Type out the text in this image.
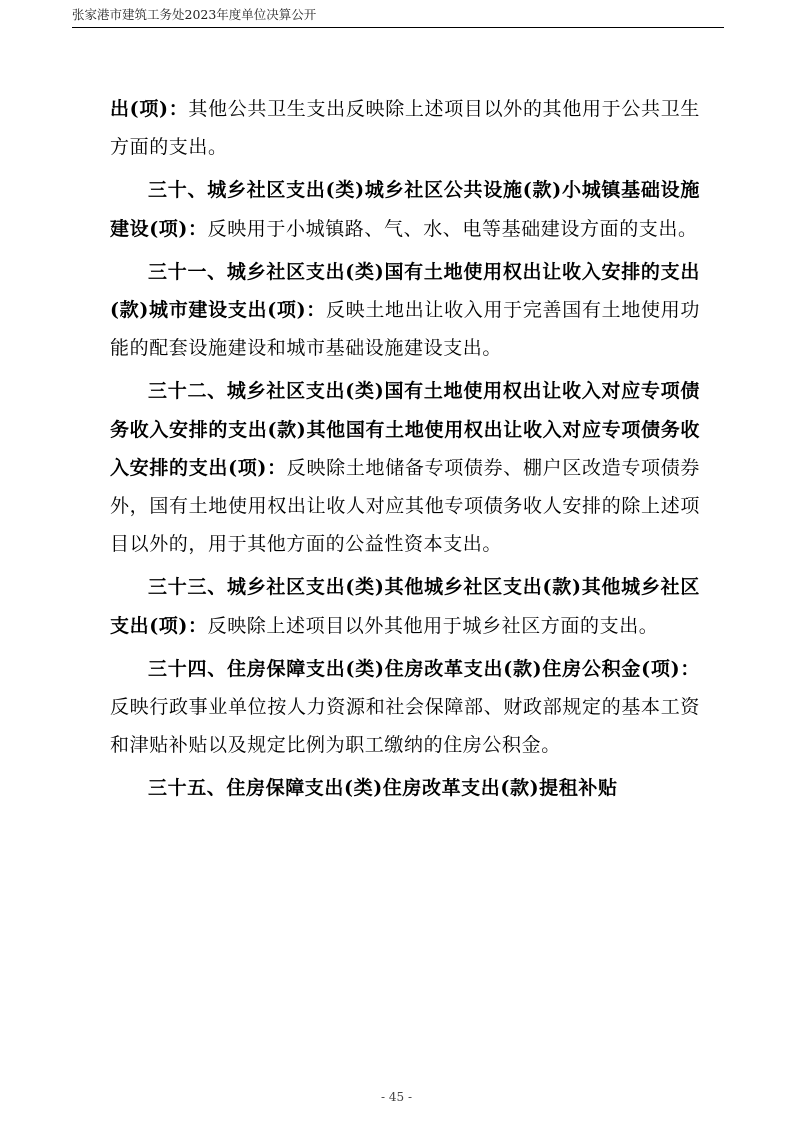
张家港市建筑工务处2023年度单位决算公开

出(项)：其他公共卫生支出反映除上述项目以外的其他用于公共卫生方面的支出。

三十、城乡社区支出(类)城乡社区公共设施(款)小城镇基础设施建设(项)：反映用于小城镇路、气、水、电等基础建设方面的支出。

三十一、城乡社区支出(类)国有土地使用权出让收入安排的支出(款)城市建设支出(项)：反映土地出让收入用于完善国有土地使用功能的配套设施建设和城市基础设施建设支出。

三十二、城乡社区支出(类)国有土地使用权出让收入对应专项债务收入安排的支出(款)其他国有土地使用权出让收入对应专项债务收入安排的支出(项)：反映除土地储备专项债券、棚户区改造专项债券外，国有土地使用权出让收人对应其他专项债务收人安排的除上述项目以外的，用于其他方面的公益性资本支出。

三十三、城乡社区支出(类)其他城乡社区支出(款)其他城乡社区支出(项)：反映除上述项目以外其他用于城乡社区方面的支出。

三十四、住房保障支出(类)住房改革支出(款)住房公积金(项)：反映行政事业单位按人力资源和社会保障部、财政部规定的基本工资和津贴补贴以及规定比例为职工缴纳的住房公积金。

三十五、住房保障支出(类)住房改革支出(款)提租补贴

- 45 -
